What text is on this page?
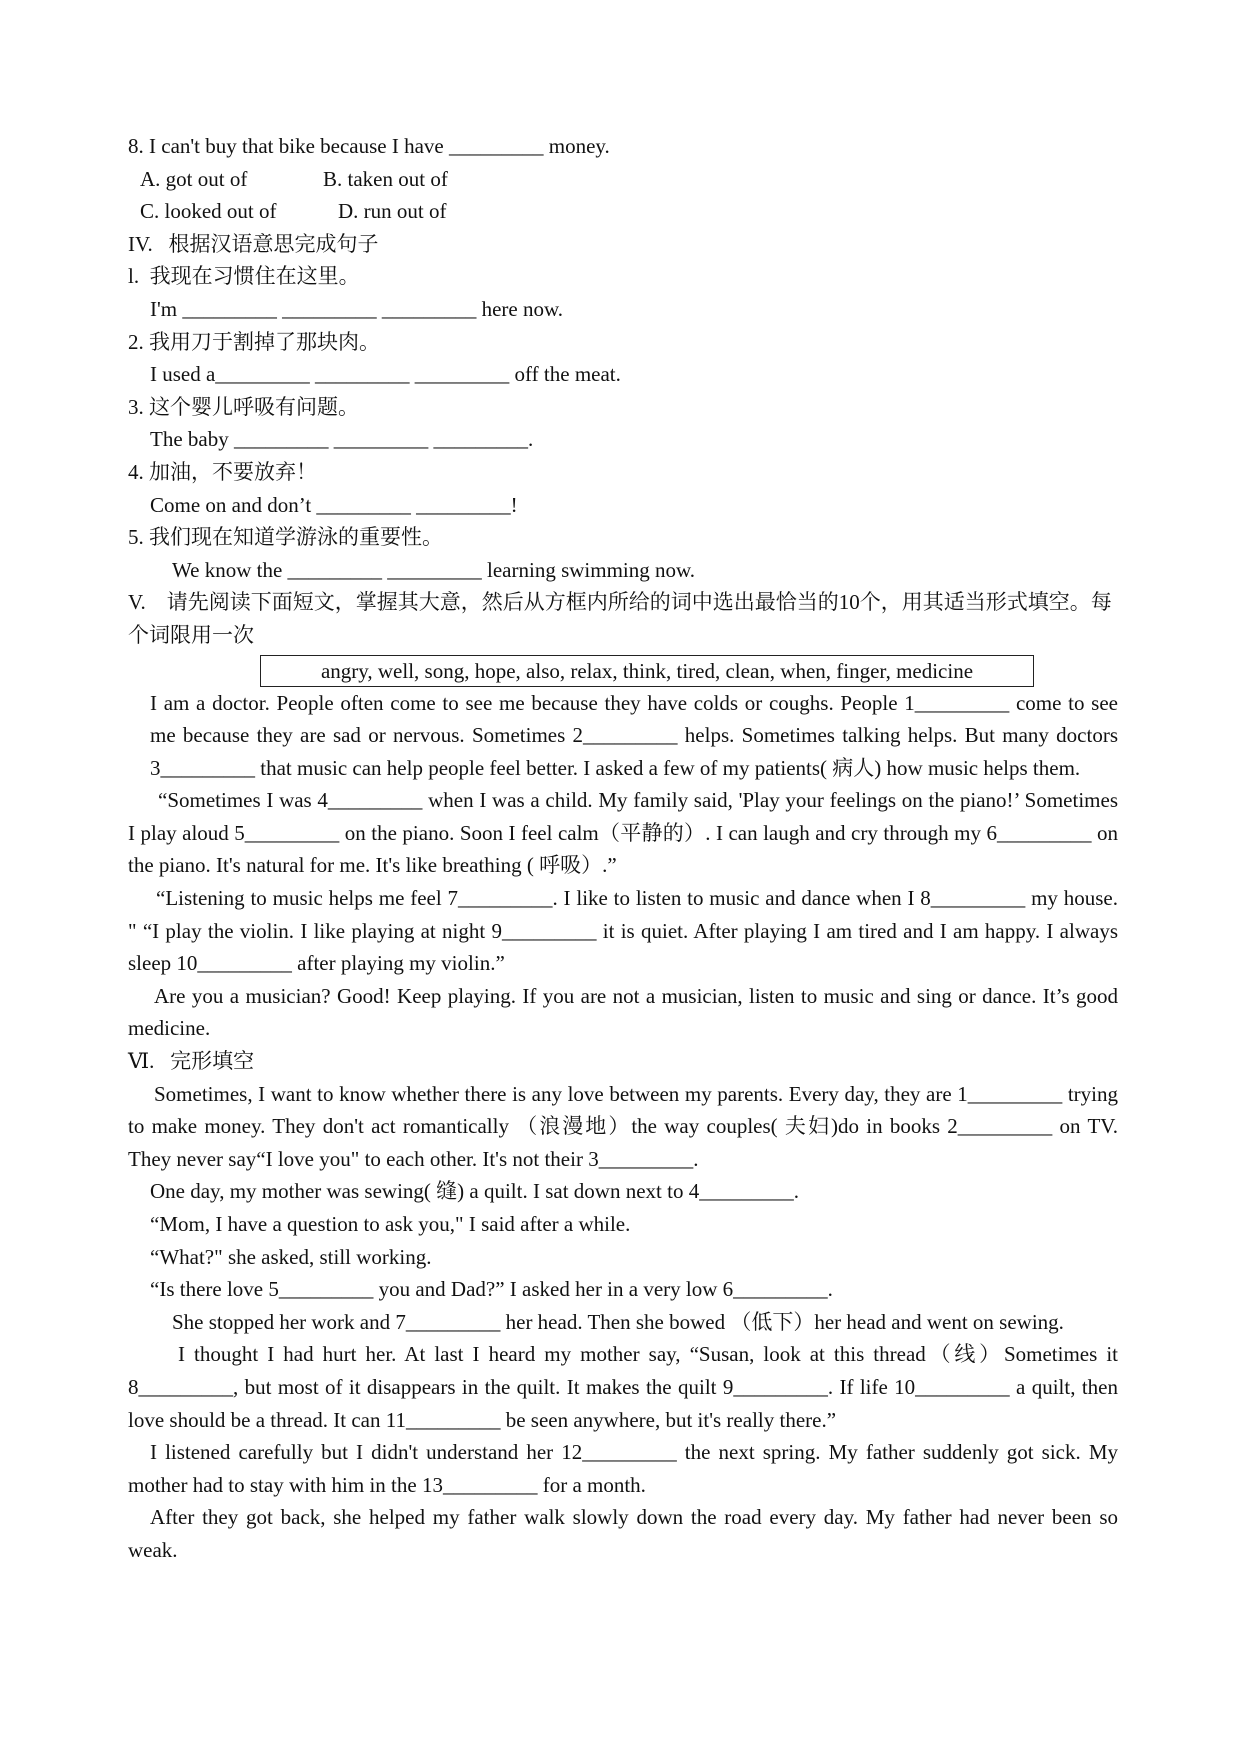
8. I can't buy that bike because I have _________ money.
A. got out of	B. taken out of
C. looked out of	D. run out of
IV.   根据汉语意思完成句子
l.  我现在习惯住在这里。
I'm _________ _________ _________ here now.
2. 我用刀于割掉了那块肉。
I used a_________ _________ _________ off the meat.
3. 这个婴儿呼吸有问题。
The baby _________ _________ _________.
4. 加油，不要放弃！
Come on and don’t _________ _________!
5. 我们现在知道学游泳的重要性。
We know the _________ _________ learning swimming now.
V.    请先阅读下面短文，掌握其大意，然后从方框内所给的词中选出最恰当的10个，用其适当形式填空。每个词限用一次
angry, well, song, hope, also, relax, think, tired, clean, when, finger, medicine
I am a doctor. People often come to see me because they have colds or coughs. People 1_________ come to see me because they are sad or nervous. Sometimes 2_________ helps. Sometimes talking helps. But many doctors 3_________ that music can help people feel better. I asked a few of my patients( 病人) how music helps them.
“Sometimes I was 4_________ when I was a child. My family said, 'Play your feelings on the piano!’ Sometimes I play aloud 5_________ on the piano. Soon I feel calm（平静的）. I can laugh and cry through my 6_________ on the piano. It's natural for me. It's like breathing ( 呼吸）.”
“Listening to music helps me feel 7_________. I like to listen to music and dance when I 8_________ my house. " “I play the violin. I like playing at night 9_________ it is quiet. After playing I am tired and I am happy. I always sleep 10_________ after playing my violin.”
Are you a musician? Good! Keep playing. If you are not a musician, listen to music and sing or dance. It’s good medicine.
Ⅵ.   完形填空
Sometimes, I want to know whether there is any love between my parents. Every day, they are 1_________ trying to make money. They don't act romantically （浪漫地）the way couples( 夫妇)do in books 2_________ on TV. They never say“I love you" to each other. It's not their 3_________.
One day, my mother was sewing( 缝) a quilt. I sat down next to 4_________.
“Mom, I have a question to ask you," I said after a while.
“What?" she asked, still working.
“Is there love 5_________ you and Dad?” I asked her in a very low 6_________.
She stopped her work and 7_________ her head. Then she bowed （低下）her head and went on sewing.
I thought I had hurt her. At last I heard my mother say, “Susan, look at this thread（线）Sometimes it 8_________, but most of it disappears in the quilt. It makes the quilt 9_________. If life 10_________ a quilt, then love should be a thread. It can 11_________ be seen anywhere, but it's really there.”
I listened carefully but I didn't understand her 12_________ the next spring. My father suddenly got sick. My mother had to stay with him in the 13_________ for a month.
After they got back, she helped my father walk slowly down the road every day. My father had never been so weak.
